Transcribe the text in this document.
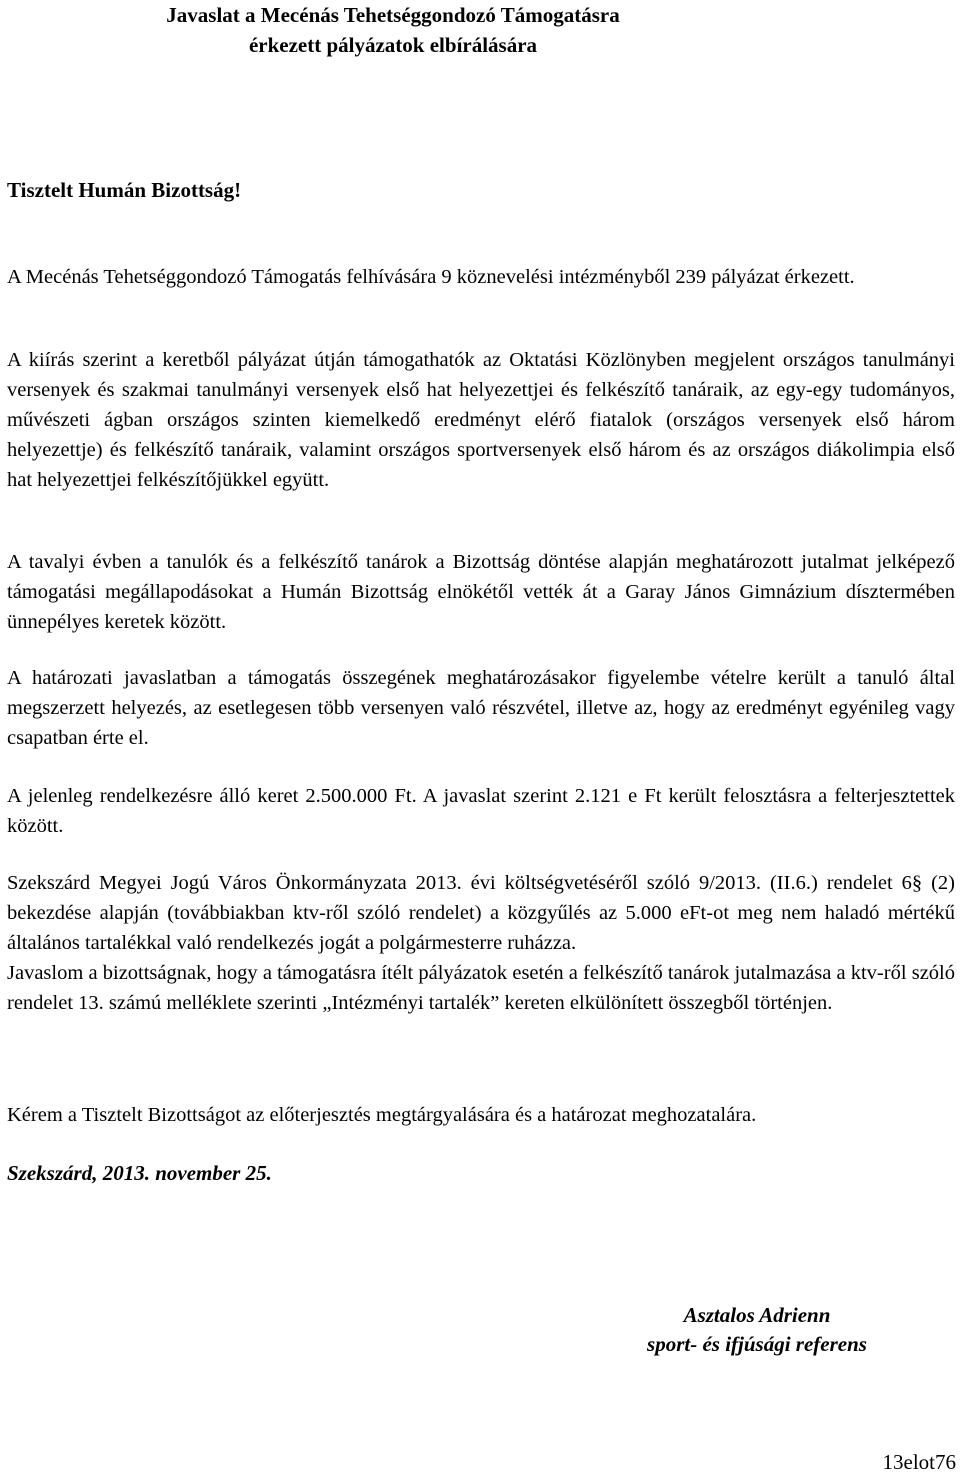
Javaslat a Mecénás Tehetséggondozó Támogatásra
érkezett pályázatok elbírálására
Tisztelt Humán Bizottság!

A Mecénás Tehetséggondozó Támogatás felhívására 9 köznevelési intézményből 239 pályázat érkezett.

A kiírás szerint a keretből pályázat útján támogathatók az Oktatási Közlönyben megjelent országos tanulmányi versenyek és szakmai tanulmányi versenyek első hat helyezettjei és felkészítő tanáraik, az egy-egy tudományos, művészeti ágban országos szinten kiemelkedő eredményt elérő fiatalok (országos versenyek első három helyezettje) és felkészítő tanáraik, valamint országos sportversenyek első három és az országos diákolimpia első hat helyezettjei felkészítőjükkel együtt.

A tavalyi évben a tanulók és a felkészítő tanárok a Bizottság döntése alapján meghatározott jutalmat jelképező támogatási megállapodásokat a Humán Bizottság elnökétől vették át a Garay János Gimnázium dísztermében ünnepélyes keretek között.

A határozati javaslatban a támogatás összegének meghatározásakor figyelembe vételre került a tanuló által megszerzett helyezés, az esetlegesen több versenyen való részvétel, illetve az, hogy az eredményt egyénileg vagy csapatban érte el.

A jelenleg rendelkezésre álló keret 2.500.000 Ft. A javaslat szerint 2.121 e Ft került felosztásra a felterjesztettek között.

Szekszárd Megyei Jogú Város Önkormányzata 2013. évi költségvetéséről szóló 9/2013. (II.6.) rendelet 6§ (2) bekezdése alapján (továbbiakban ktv-ről szóló rendelet) a közgyűlés az 5.000 eFt-ot meg nem haladó mértékű általános tartalékkal való rendelkezés jogát a polgármesterre ruházza.
Javaslom a bizottságnak, hogy a támogatásra ítélt pályázatok esetén a felkészítő tanárok jutalmazása a ktv-ről szóló rendelet 13. számú melléklete szerinti „Intézményi tartalék” kereten elkülönített összegből történjen.

Kérem a Tisztelt Bizottságot az előterjesztés megtárgyalására és a határozat meghozatalára.

Szekszárd, 2013. november 25.
Asztalos Adrienn
sport- és ifjúsági referens
13elot76
